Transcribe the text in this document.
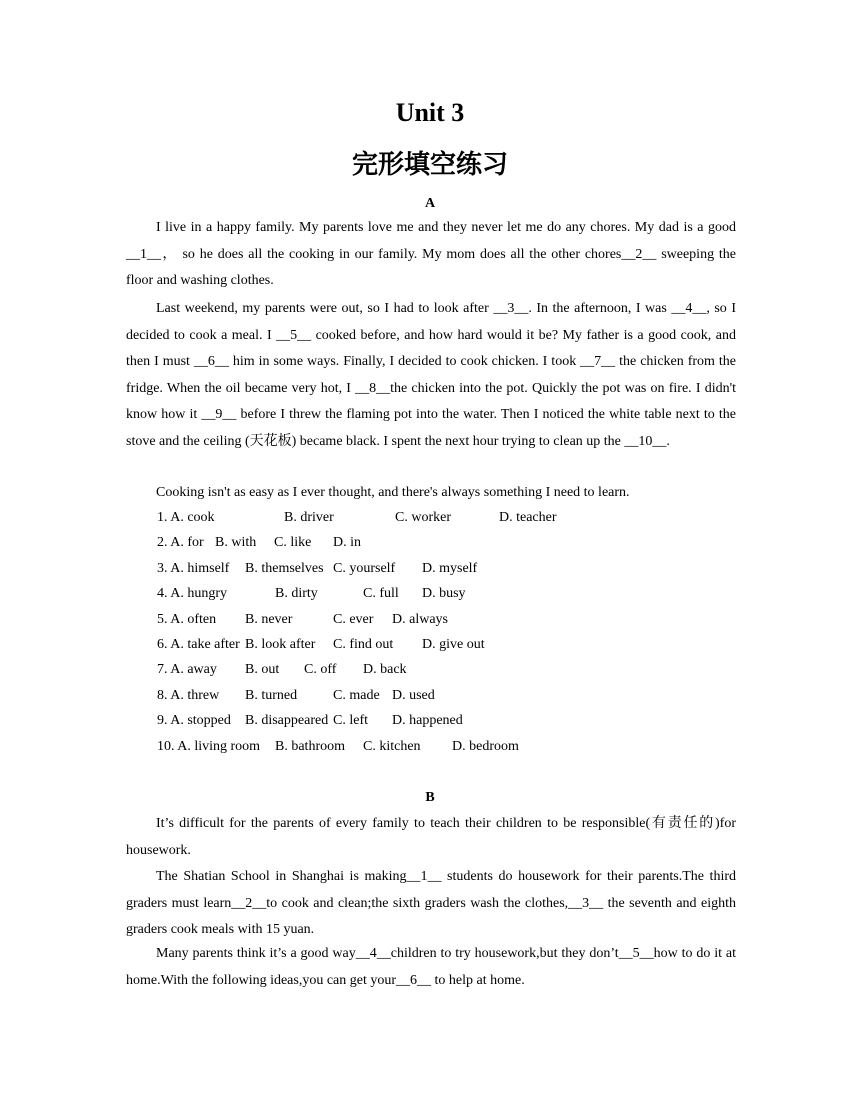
Unit 3
完形填空练习
A

I live in a happy family. My parents love me and they never let me do any chores. My dad is a good __1__， so he does all the cooking in our family. My mom does all the other chores__2__ sweeping the floor and washing clothes.

Last weekend, my parents were out, so I had to look after __3__. In the afternoon, I was __4__, so I decided to cook a meal. I __5__ cooked before, and how hard would it be? My father is a good cook, and then I must __6__ him in some ways. Finally, I decided to cook chicken. I took __7__ the chicken from the fridge. When the oil became very hot, I __8__the chicken into the pot. Quickly the pot was on fire. I didn't know how it __9__ before I threw the flaming pot into the water. Then I noticed the white table next to the stove and the ceiling (天花板) became black. I spent the next hour trying to clean up the __10__.

Cooking isn't as easy as I ever thought, and there's always something I need to learn.

1. A. cook	B. driver	C. worker	D. teacher
2. A. for B. with C. like D. in
3. A. himself B. themselves C. yourself D. myself
4. A. hungry	B. dirty	C. full D. busy
5. A. often B. never	C. ever D. always
6. A. take after B. look after C. find out D. give out
7. A. away B. out C. off D. back
8. A. threw B. turned	C. made D. used
9. A. stopped B. disappeared C. left D. happened
10. A. living room B. bathroom C. kitchen D. bedroom
B

It’s difficult for the parents of every family to teach their children to be responsible(有责任的)for housework.

The Shatian School in Shanghai is making__1__ students do housework for their parents.The third graders must learn__2__to cook and clean;the sixth graders wash the clothes,__3__ the seventh and eighth graders cook meals with 15 yuan.

Many parents think it’s a good way__4__children to try housework,but they don’t__5__how to do it at home.With the following ideas,you can get your__6__ to help at home.
